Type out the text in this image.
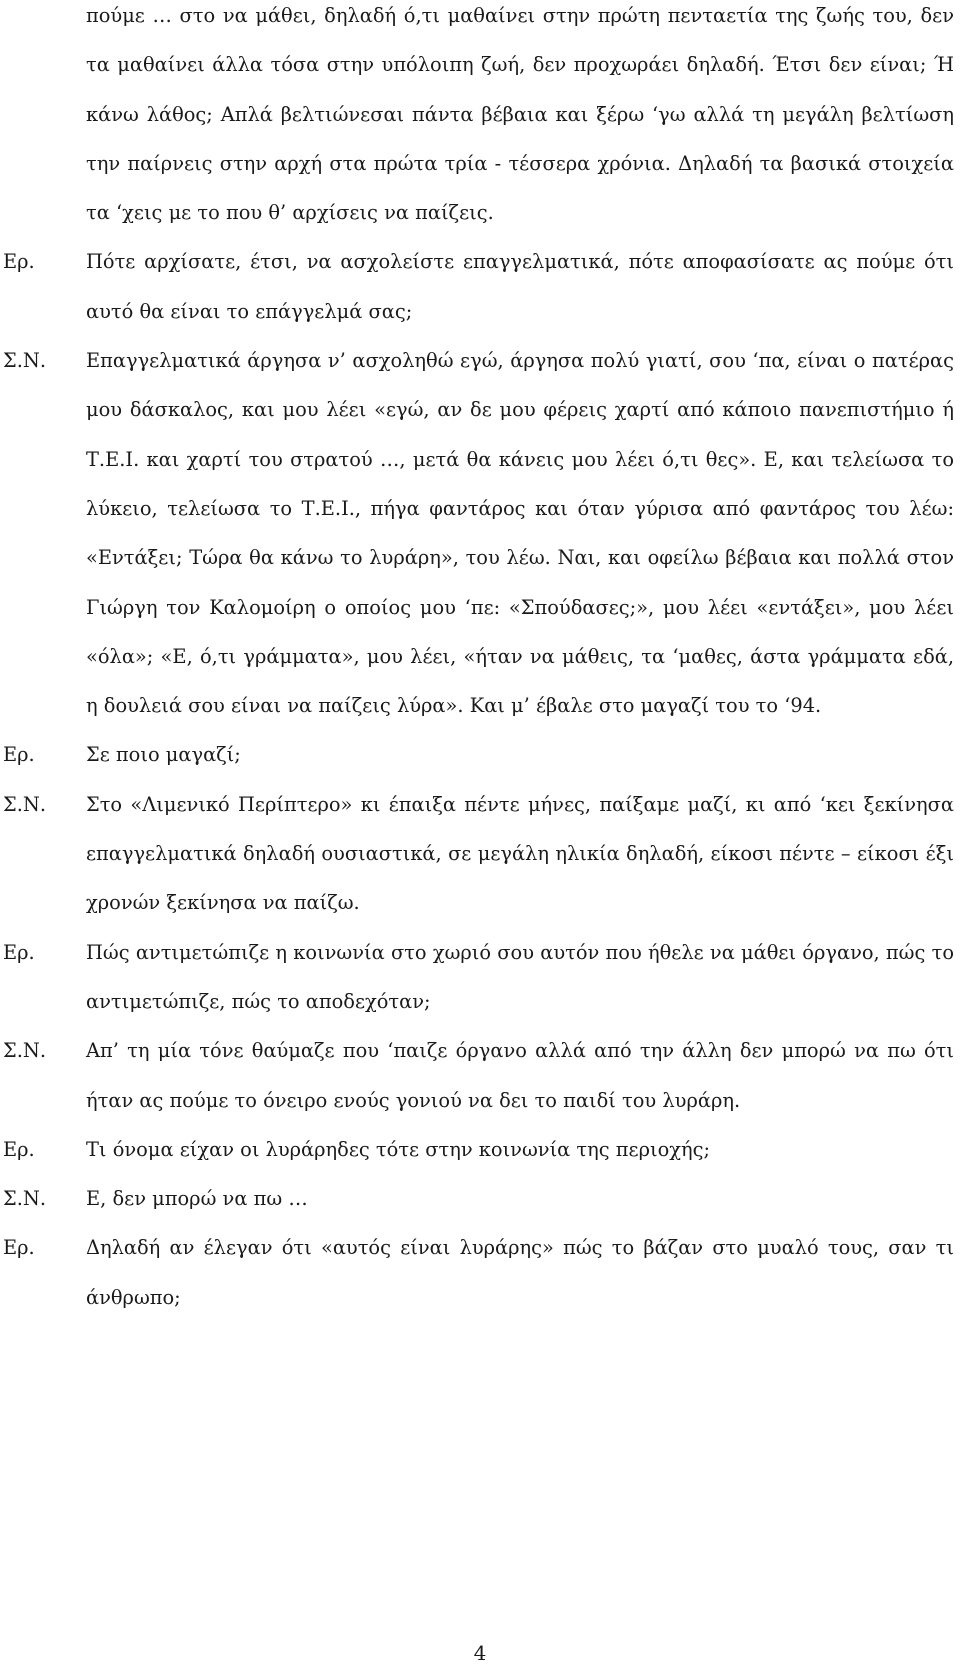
πούμε … στο να μάθει, δηλαδή ό,τι μαθαίνει στην πρώτη πενταετία της ζωής του, δεν τα μαθαίνει άλλα τόσα στην υπόλοιπη ζωή, δεν προχωράει δηλαδή. Έτσι δεν είναι; Ή κάνω λάθος; Απλά βελτιώνεσαι πάντα βέβαια και ξέρω ‘γω αλλά τη μεγάλη βελτίωση την παίρνεις στην αρχή στα πρώτα τρία - τέσσερα χρόνια. Δηλαδή τα βασικά στοιχεία τα ‘χεις με το που θ’ αρχίσεις να παίζεις.
Ερ.	Πότε αρχίσατε, έτσι, να ασχολείστε επαγγελματικά, πότε αποφασίσατε ας πούμε ότι αυτό θα είναι το επάγγελμά σας;
Σ.Ν.	Επαγγελματικά άργησα ν’ ασχοληθώ εγώ, άργησα πολύ γιατί, σου ‘πα, είναι ο πατέρας μου δάσκαλος, και μου λέει «εγώ, αν δε μου φέρεις χαρτί από κάποιο πανεπιστήμιο ή Τ.Ε.Ι. και χαρτί του στρατού …, μετά θα κάνεις μου λέει ό,τι θες». Ε, και τελείωσα το λύκειο, τελείωσα το Τ.Ε.Ι., πήγα φαντάρος και όταν γύρισα από φαντάρος του λέω: «Εντάξει; Τώρα θα κάνω το λυράρη», του λέω. Ναι, και οφείλω βέβαια και πολλά στον Γιώργη τον Καλομοίρη ο οποίος μου ‘πε: «Σπούδασες;», μου λέει «εντάξει», μου λέει «όλα»; «Ε, ό,τι γράμματα», μου λέει, «ήταν να μάθεις, τα ‘μαθες, άστα γράμματα εδά, η δουλειά σου είναι να παίζεις λύρα». Και μ’ έβαλε στο μαγαζί του το ‘94.
Ερ.	Σε ποιο μαγαζί;
Σ.Ν.	Στο «Λιμενικό Περίπτερο» κι έπαιξα πέντε μήνες, παίξαμε μαζί, κι από ‘κει ξεκίνησα επαγγελματικά δηλαδή ουσιαστικά, σε μεγάλη ηλικία δηλαδή, είκοσι πέντε – είκοσι έξι χρονών ξεκίνησα να παίζω.
Ερ.	Πώς αντιμετώπιζε η κοινωνία στο χωριό σου αυτόν που ήθελε να μάθει όργανο, πώς το αντιμετώπιζε, πώς το αποδεχόταν;
Σ.Ν.	Απ’ τη μία τόνε θαύμαζε που ‘παιζε όργανο αλλά από την άλλη δεν μπορώ να πω ότι ήταν ας πούμε το όνειρο ενούς γονιού να δει το παιδί του λυράρη.
Ερ.	Τι όνομα είχαν οι λυράρηδες τότε στην κοινωνία της περιοχής;
Σ.Ν.	Ε, δεν μπορώ να πω …
Ερ.	Δηλαδή αν έλεγαν ότι «αυτός είναι λυράρης» πώς το βάζαν στο μυαλό τους, σαν τι άνθρωπο;
4
